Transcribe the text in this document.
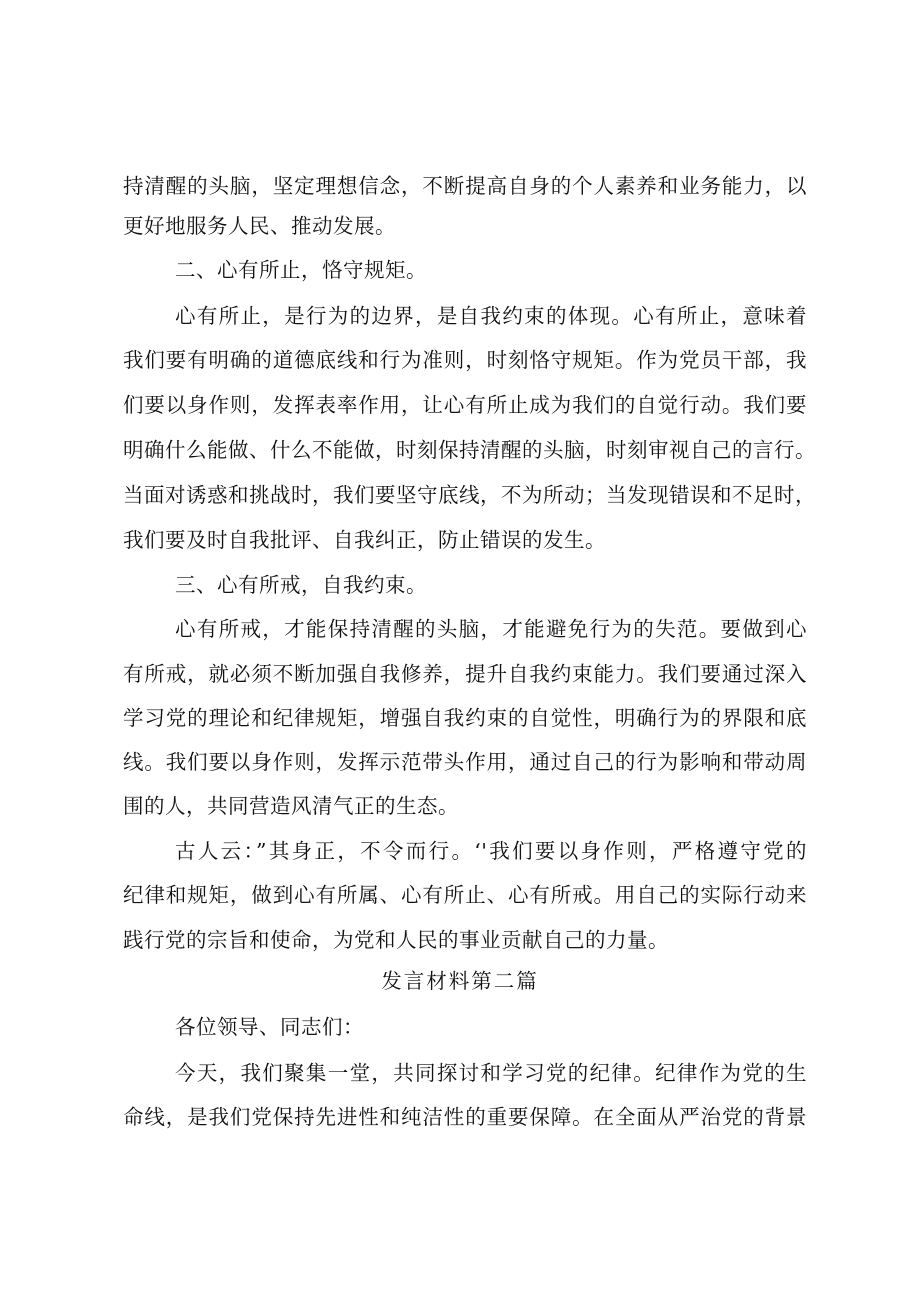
持清醒的头脑，坚定理想信念，不断提高自身的个人素养和业务能力，以
更好地服务人民、推动发展。
二、心有所止，恪守规矩。
心有所止，是行为的边界，是自我约束的体现。心有所止，意味着
我们要有明确的道德底线和行为准则，时刻恪守规矩。作为党员干部，我
们要以身作则，发挥表率作用，让心有所止成为我们的自觉行动。我们要
明确什么能做、什么不能做，时刻保持清醒的头脑，时刻审视自己的言行。
当面对诱惑和挑战时，我们要坚守底线，不为所动；当发现错误和不足时，
我们要及时自我批评、自我纠正，防止错误的发生。
三、心有所戒，自我约束。
心有所戒，才能保持清醒的头脑，才能避免行为的失范。要做到心
有所戒，就必须不断加强自我修养，提升自我约束能力。我们要通过深入
学习党的理论和纪律规矩，增强自我约束的自觉性，明确行为的界限和底
线。我们要以身作则，发挥示范带头作用，通过自己的行为影响和带动周
围的人，共同营造风清气正的生态。
古人云：”其身正，不令而行。‘'我们要以身作则，严格遵守党的
纪律和规矩，做到心有所属、心有所止、心有所戒。用自己的实际行动来
践行党的宗旨和使命，为党和人民的事业贡献自己的力量。
发言材料第二篇
各位领导、同志们：
今天，我们聚集一堂，共同探讨和学习党的纪律。纪律作为党的生
命线，是我们党保持先进性和纯洁性的重要保障。在全面从严治党的背景
